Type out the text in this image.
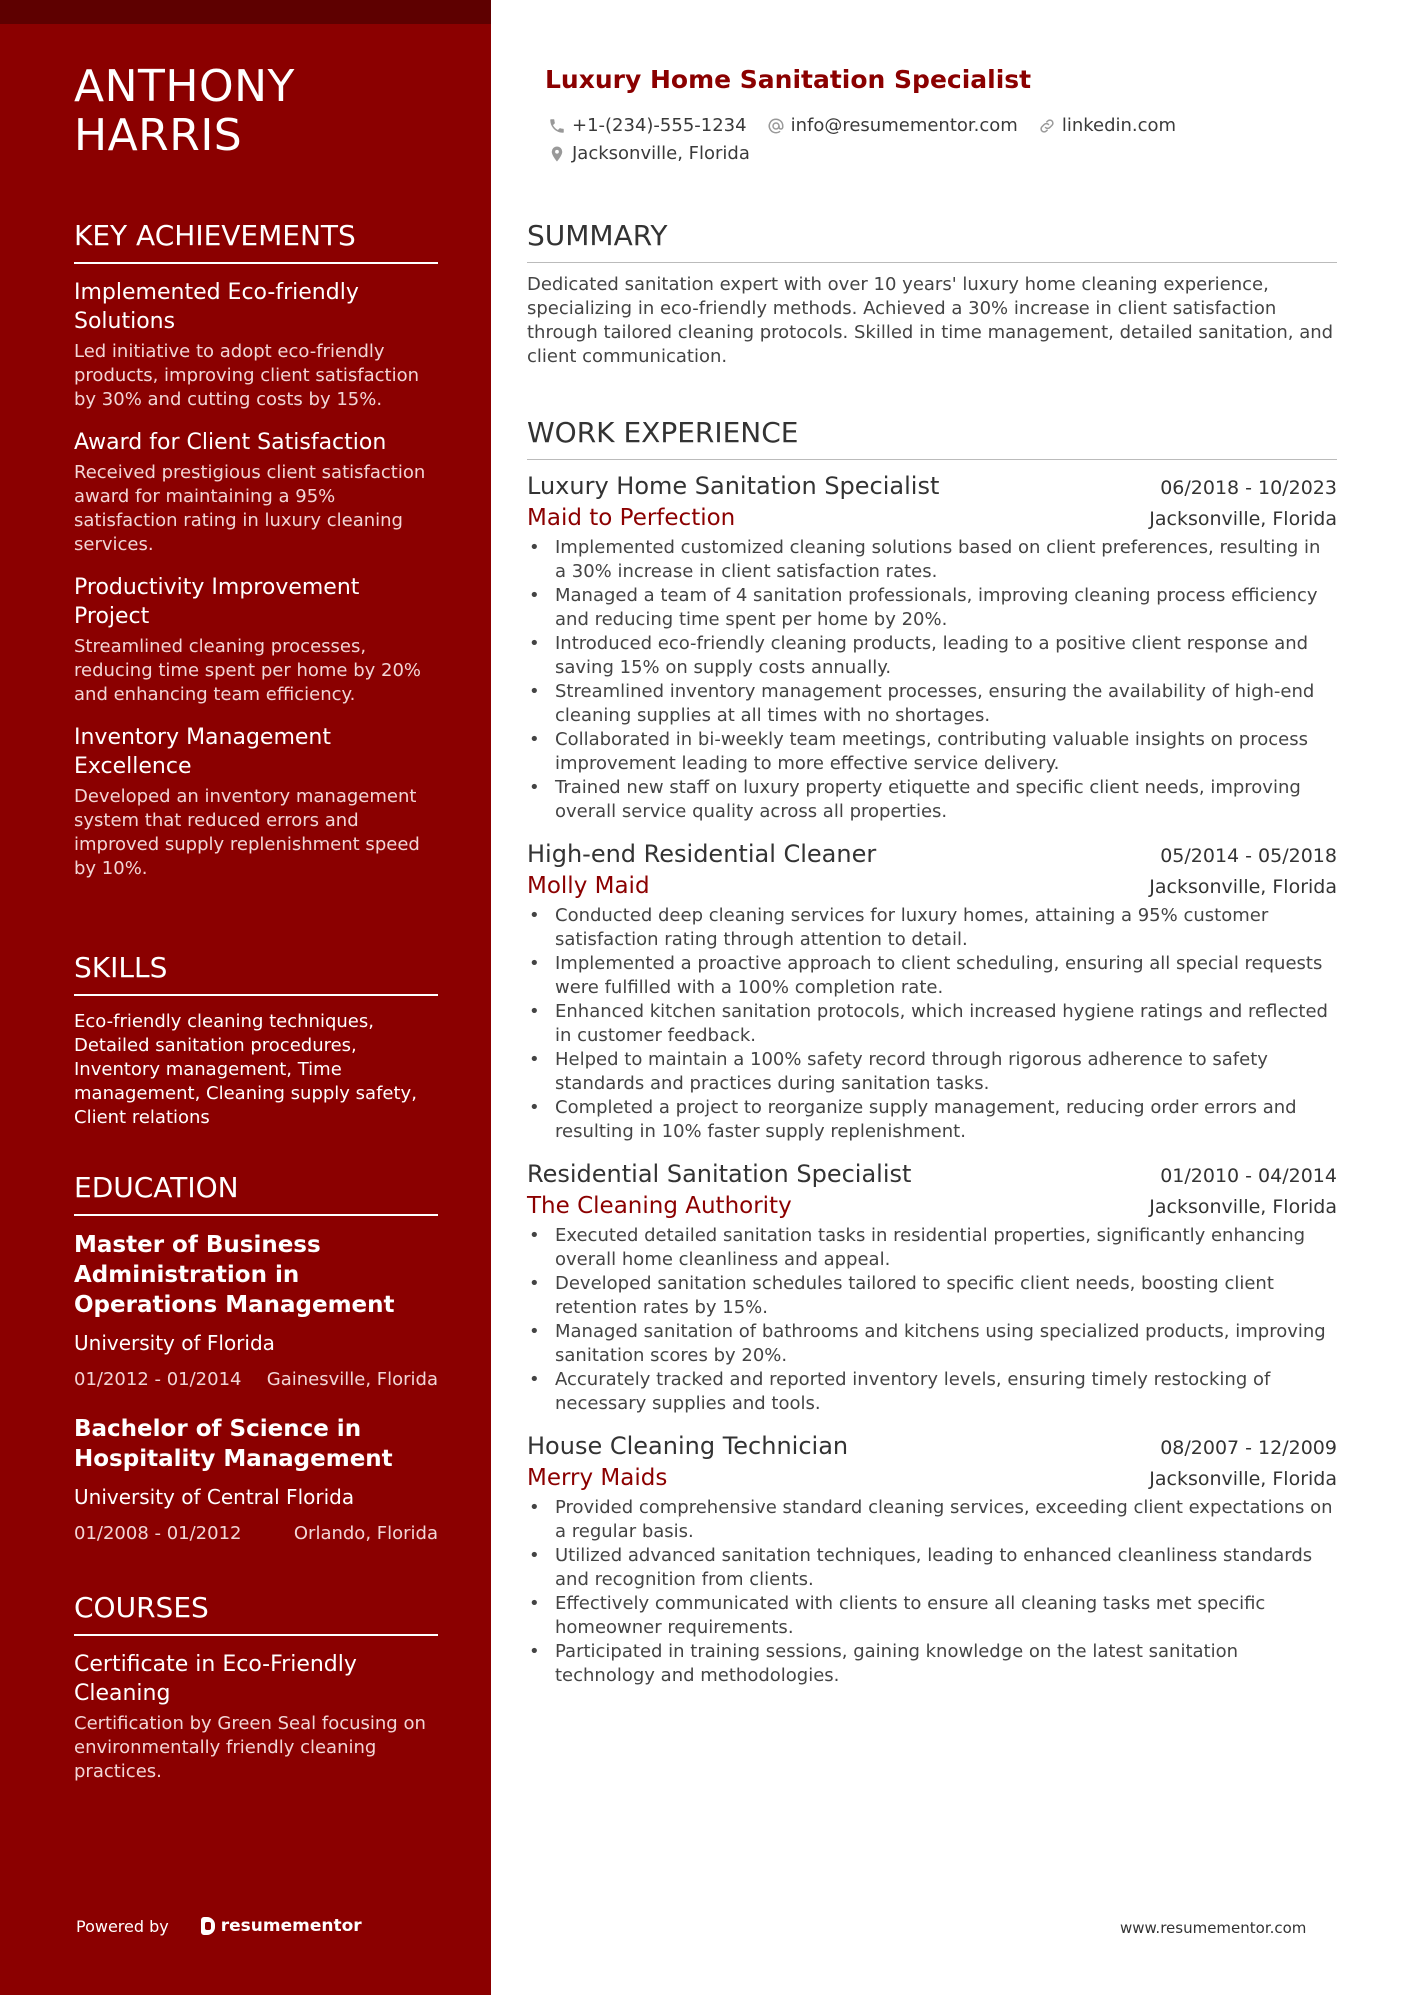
ANTHONY HARRIS
KEY ACHIEVEMENTS

Implemented Eco-friendly Solutions

Led initiative to adopt eco-friendly products, improving client satisfaction by 30% and cutting costs by 15%.

Award for Client Satisfaction

Received prestigious client satisfaction award for maintaining a 95% satisfaction rating in luxury cleaning services.

Productivity Improvement Project

Streamlined cleaning processes, reducing time spent per home by 20% and enhancing team efficiency.

Inventory Management Excellence

Developed an inventory management system that reduced errors and improved supply replenishment speed by 10%.

SKILLS

Eco-friendly cleaning techniques, Detailed sanitation procedures, Inventory management, Time management, Cleaning supply safety, Client relations

EDUCATION

Master of Business Administration in Operations Management

University of Florida

01/2012 - 01/2014 Gainesville, Florida

Bachelor of Science in Hospitality Management

University of Central Florida

01/2008 - 01/2012	Orlando, Florida
COURSES

Certificate in Eco-Friendly Cleaning

Certification by Green Seal focusing on environmentally friendly cleaning practices.

Powered by	resumementor
Luxury Home Sanitation Specialist
+1-(234)-555-1234 info@resumementor.com linkedin.com
Jacksonville, Florida
SUMMARY

Dedicated sanitation expert with over 10 years' luxury home cleaning experience, specializing in eco-friendly methods. Achieved a 30% increase in client satisfaction through tailored cleaning protocols. Skilled in time management, detailed sanitation, and client communication.

WORK EXPERIENCE

Luxury Home Sanitation Specialist	06/2018 - 10/2023

Maid to Perfection	Jacksonville, Florida
• Implemented customized cleaning solutions based on client preferences, resulting in a 30% increase in client satisfaction rates.
• Managed a team of 4 sanitation professionals, improving cleaning process efficiency and reducing time spent per home by 20%.
• Introduced eco-friendly cleaning products, leading to a positive client response and saving 15% on supply costs annually.
• Streamlined inventory management processes, ensuring the availability of high-end cleaning supplies at all times with no shortages.
• Collaborated in bi-weekly team meetings, contributing valuable insights on process improvement leading to more effective service delivery.
• Trained new staff on luxury property etiquette and specific client needs, improving overall service quality across all properties.

High-end Residential Cleaner	05/2014 - 05/2018

Molly Maid	Jacksonville, Florida
• Conducted deep cleaning services for luxury homes, attaining a 95% customer satisfaction rating through attention to detail.
• Implemented a proactive approach to client scheduling, ensuring all special requests were fulfilled with a 100% completion rate.
• Enhanced kitchen sanitation protocols, which increased hygiene ratings and reflected in customer feedback.
• Helped to maintain a 100% safety record through rigorous adherence to safety standards and practices during sanitation tasks.
• Completed a project to reorganize supply management, reducing order errors and resulting in 10% faster supply replenishment.

Residential Sanitation Specialist	01/2010 - 04/2014

The Cleaning Authority	Jacksonville, Florida
• Executed detailed sanitation tasks in residential properties, significantly enhancing overall home cleanliness and appeal.
• Developed sanitation schedules tailored to specific client needs, boosting client retention rates by 15%.
• Managed sanitation of bathrooms and kitchens using specialized products, improving sanitation scores by 20%.
• Accurately tracked and reported inventory levels, ensuring timely restocking of necessary supplies and tools.

House Cleaning Technician	08/2007 - 12/2009

Merry Maids	Jacksonville, Florida
• Provided comprehensive standard cleaning services, exceeding client expectations on a regular basis.
• Utilized advanced sanitation techniques, leading to enhanced cleanliness standards and recognition from clients.
• Effectively communicated with clients to ensure all cleaning tasks met specific homeowner requirements.
• Participated in training sessions, gaining knowledge on the latest sanitation technology and methodologies.
www.resumementor.com
